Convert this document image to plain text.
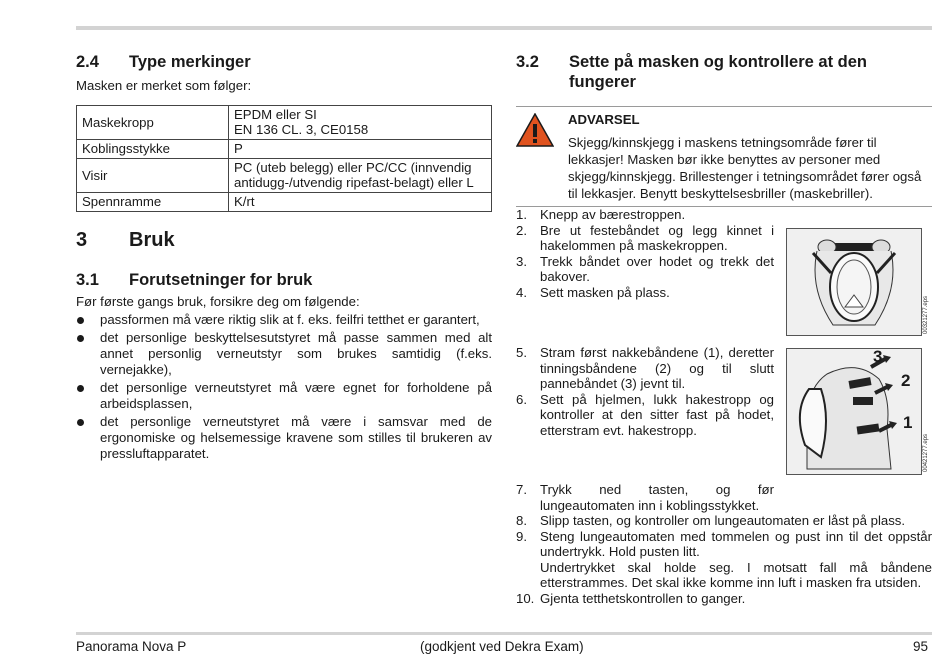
2.4	Type merkinger

Masken er merket som følger:

Maskekropp	EPDM eller SI
EN 136 CL. 3, CE0158

Koblingsstykke	P
Visir	PC (uteb belegg) eller PC/CC (innvendig
antidugg-/utvendig ripefast-belagt) eller L

Spennramme	K/rt
3	Bruk
3.1	Forutsetninger for bruk

Før første gangs bruk, forsikre deg om følgende:

passformen må være riktig slik at f. eks. feilfri tetthet er garantert,
det personlige beskyttelsesutstyret må passe sammen med alt annet personlig verneutstyr som brukes samtidig (f.eks. vernejakke),
det personlige verneutstyret må være egnet for forholdene på arbeidsplassen,
det personlige verneutstyret må være i samsvar med de ergonomiske og helsemessige kravene som stilles til brukeren av pressluftapparatet.
3.2	Sette på masken og kontrollere at den
fungerer
ADVARSEL
Skjegg/kinnskjegg i maskens tetningsområde fører til lekkasjer! Masken bør ikke benyttes av personer med skjegg/kinnskjegg. Brillestenger i tetningsområdet fører også til lekkasjer. Benytt beskyttelsesbriller (maskebriller).
1. Knepp av bærestroppen.
2. Bre ut festebåndet og legg kinnet i hakelommen på maskekroppen.
3. Trekk båndet over hodet og trekk det bakover.
4. Sett masken på plass.
00321277.eps
5. Stram først nakkebåndene (1), deretter tinningsbåndene (2) og til slutt pannebåndet (3) jevnt til.
6. Sett på hjelmen, lukk hakestropp og kontroller at den sitter fast på hodet, etterstram evt. hakestropp.
3
2
1
00421277.eps
7. Trykk ned tasten, og før lungeautomaten inn i koblingsstykket.
8. Slipp tasten, og kontroller om lungeautomaten er låst på plass.
9. Steng lungeautomaten med tommelen og pust inn til det oppstår undertrykk. Hold pusten litt.
Undertrykket skal holde seg. I motsatt fall må båndene etterstrammes. Det skal ikke komme inn luft i masken fra utsiden.
10. Gjenta tetthetskontrollen to ganger.
Panorama Nova P	(godkjent ved Dekra Exam)	95
